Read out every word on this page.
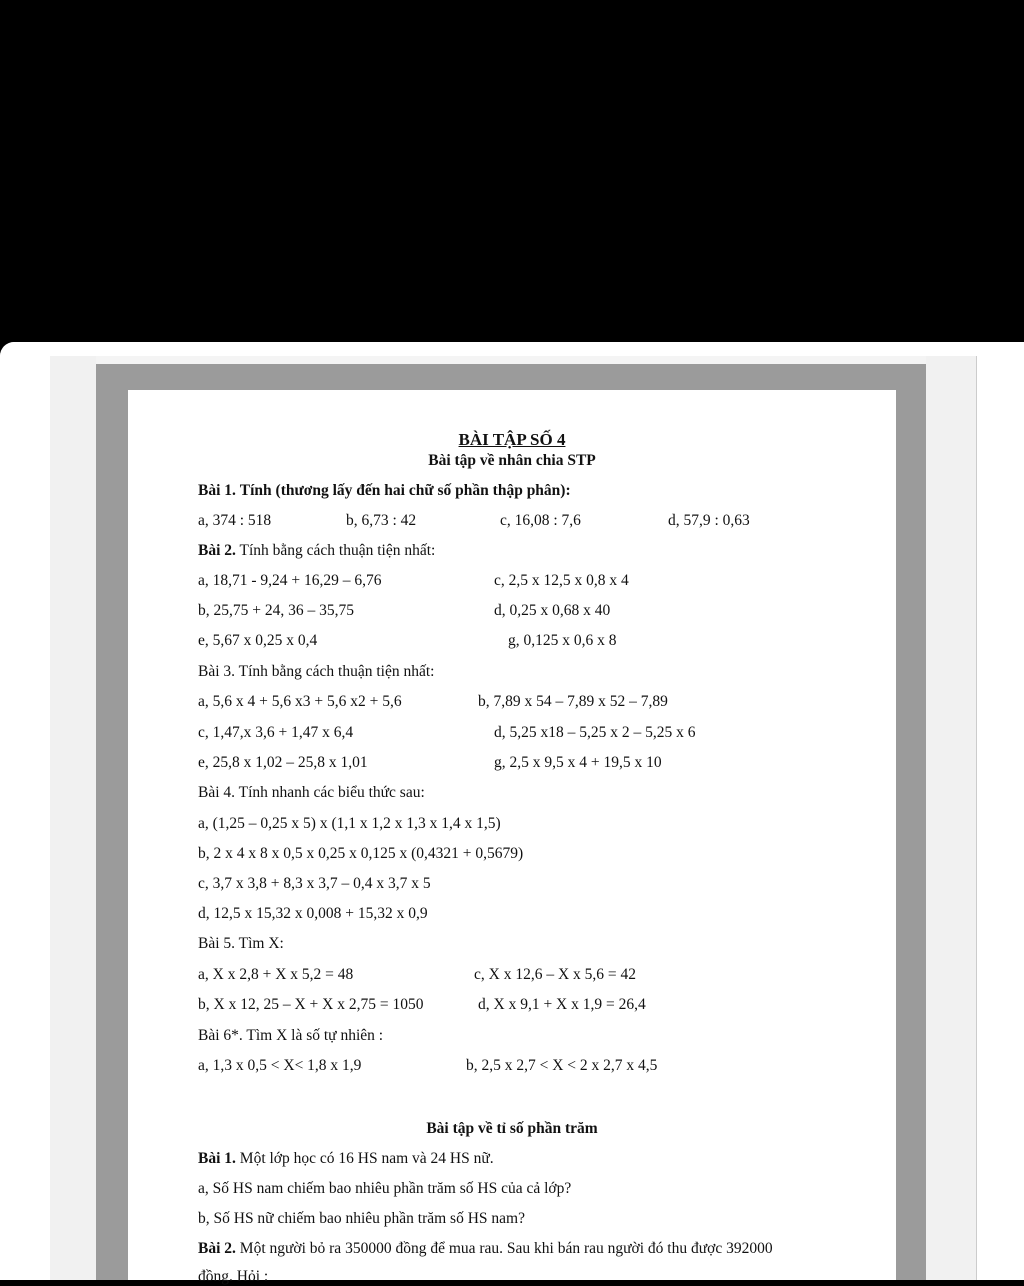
BÀI TẬP SỐ 4
Bài tập về nhân chia STP
Bài 1. Tính (thương lấy đến hai chữ số phần thập phân):
a, 374 : 518	b, 6,73 : 42	c, 16,08 : 7,6	d, 57,9 : 0,63
Bài 2. Tính bằng cách thuận tiện nhất:
a, 18,71 - 9,24 + 16,29 – 6,76	c, 2,5 x 12,5 x 0,8 x 4
b, 25,75 + 24, 36 – 35,75	d, 0,25 x 0,68 x 40
e, 5,67 x 0,25 x 0,4	g, 0,125 x 0,6 x 8
Bài 3. Tính bằng cách thuận tiện nhất:
a, 5,6 x 4 + 5,6 x3 + 5,6 x2 + 5,6	b, 7,89 x 54 – 7,89 x 52 – 7,89
c, 1,47,x 3,6 + 1,47 x 6,4	d, 5,25 x18 – 5,25 x 2 – 5,25 x 6
e, 25,8 x 1,02 – 25,8 x 1,01	g, 2,5 x 9,5 x 4 + 19,5 x 10
Bài 4. Tính nhanh các biểu thức sau:
a, (1,25 – 0,25 x 5) x (1,1 x 1,2 x 1,3 x 1,4 x 1,5)
b, 2 x 4 x 8 x 0,5 x 0,25 x 0,125 x (0,4321 + 0,5679)
c, 3,7 x 3,8 + 8,3 x 3,7 – 0,4 x 3,7 x 5
d, 12,5 x 15,32 x 0,008 + 15,32 x 0,9
Bài 5. Tìm X:
a, X x 2,8 + X x 5,2 = 48	c, X x 12,6 – X x 5,6 = 42
b, X x 12, 25 – X + X x 2,75 = 1050	d, X x 9,1 + X x 1,9 = 26,4
Bài 6*. Tìm X là số tự nhiên :
a, 1,3 x 0,5 < X< 1,8 x 1,9	b, 2,5 x 2,7 < X < 2 x 2,7 x 4,5
Bài tập về tỉ số phần trăm
Bài 1. Một lớp học có 16 HS nam và 24 HS nữ.
a, Số HS nam chiếm bao nhiêu phần trăm số HS của cả lớp?
b, Số HS nữ chiếm bao nhiêu phần trăm số HS nam?
Bài 2. Một người bỏ ra 350000 đồng để mua rau. Sau khi bán rau người đó thu được 392000
đồng. Hỏi :
